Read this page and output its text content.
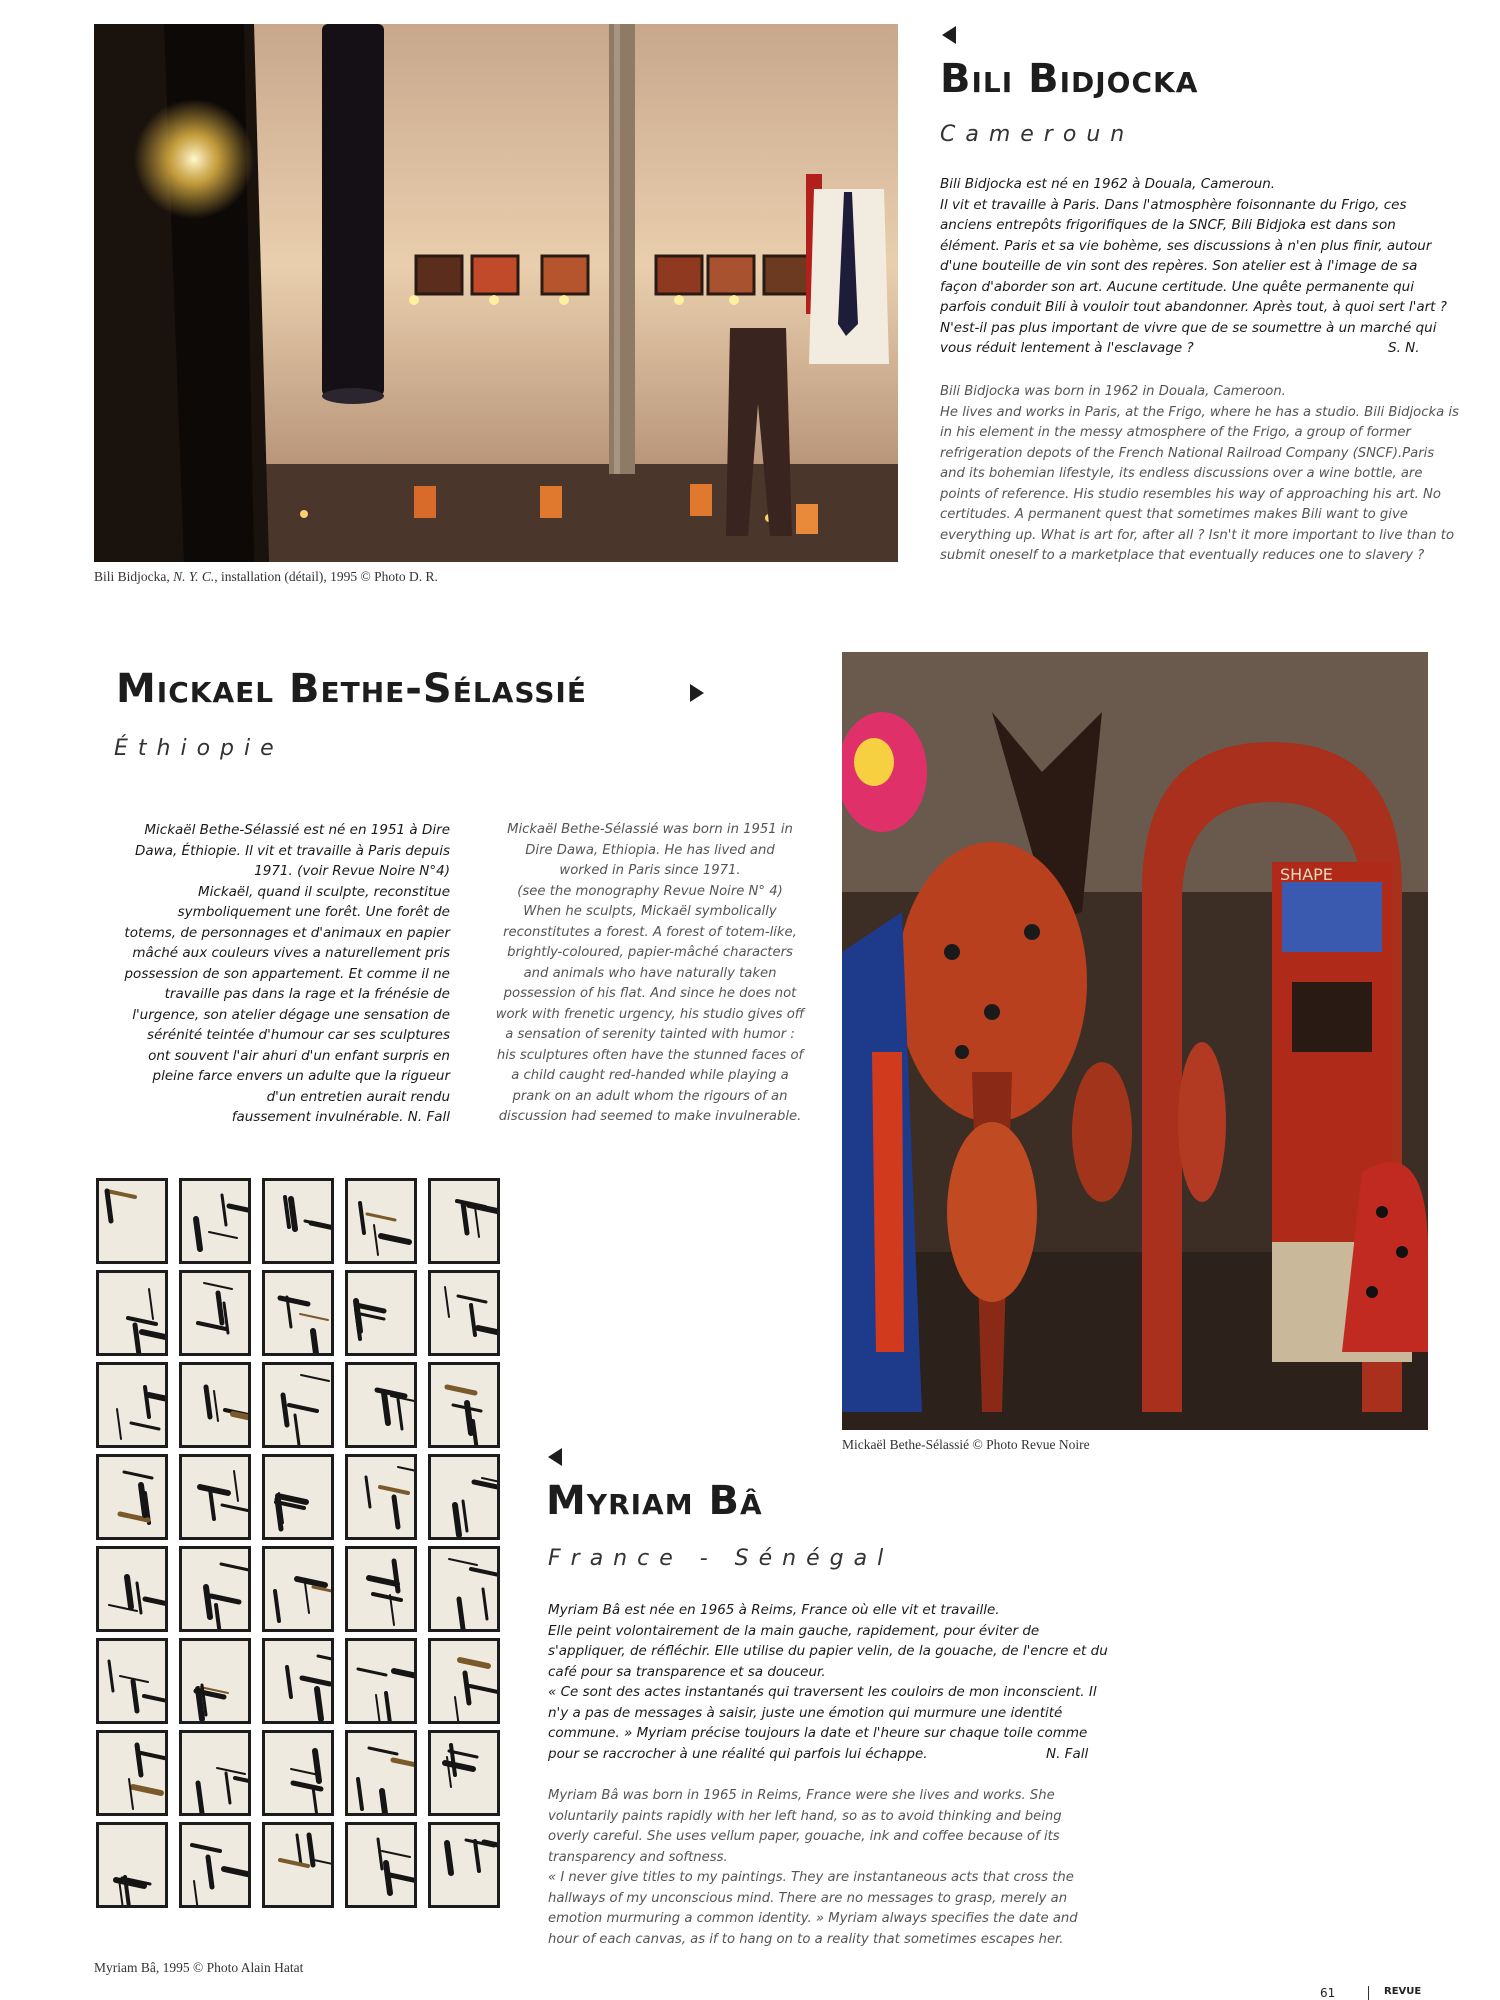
Bili Bidjocka, N. Y. C., installation (détail), 1995 © Photo D. R.
Bili Bidjocka
Cameroun

Bili Bidjocka est né en 1962 à Douala, Cameroun.
Il vit et travaille à Paris. Dans l'atmosphère foisonnante du Frigo, ces anciens entrepôts frigorifiques de la SNCF, Bili Bidjoka est dans son élément. Paris et sa vie bohème, ses discussions à n'en plus finir, autour d'une bouteille de vin sont des repères. Son atelier est à l'image de sa façon d'aborder son art. Aucune certitude. Une quête permanente qui parfois conduit Bili à vouloir tout abandonner. Après tout, à quoi sert l'art ? N'est-il pas plus important de vivre que de se soumettre à un marché qui vous réduit lentement à l'esclavage ?	S. N.

Bili Bidjocka was born in 1962 in Douala, Cameroon.
He lives and works in Paris, at the Frigo, where he has a studio. Bili Bidjocka is in his element in the messy atmosphere of the Frigo, a group of former refrigeration depots of the French National Railroad Company (SNCF).Paris and its bohemian lifestyle, its endless discussions over a wine bottle, are points of reference. His studio resembles his way of approaching his art. No certitudes. A permanent quest that sometimes makes Bili want to give everything up. What is art for, after all ? Isn't it more important to live than to submit oneself to a marketplace that eventually reduces one to slavery ?

Mickael Bethe-Sélassié
Éthiopie

Mickaël Bethe-Sélassié est né en 1951 à Dire
Dawa, Éthiopie. Il vit et travaille à Paris depuis
1971. (voir Revue Noire N°4)
Mickaël, quand il sculpte, reconstitue
symboliquement une forêt. Une forêt de
totems, de personnages et d'animaux en papier
mâché aux couleurs vives a naturellement pris
possession de son appartement. Et comme il ne
travaille pas dans la rage et la frénésie de
l'urgence, son atelier dégage une sensation de
sérénité teintée d'humour car ses sculptures
ont souvent l'air ahuri d'un enfant surpris en
pleine farce envers un adulte que la rigueur
d'un entretien aurait rendu
faussement invulnérable. N. Fall

Mickaël Bethe-Sélassié was born in 1951 in
Dire Dawa, Ethiopia. He has lived and
worked in Paris since 1971.
(see the monography Revue Noire N° 4)
When he sculpts, Mickaël symbolically
reconstitutes a forest. A forest of totem-like,
brightly-coloured, papier-mâché characters
and animals who have naturally taken
possession of his flat. And since he does not
work with frenetic urgency, his studio gives off
a sensation of serenity tainted with humor :
his sculptures often have the stunned faces of
a child caught red-handed while playing a
prank on an adult whom the rigours of an
discussion had seemed to make invulnerable.

SHAPE
Mickaël Bethe-Sélassié © Photo Revue Noire
Myriam Bâ, 1995 © Photo Alain Hatat
Myriam Bâ
France - Sénégal

Myriam Bâ est née en 1965 à Reims, France où elle vit et travaille.
Elle peint volontairement de la main gauche, rapidement, pour éviter de s'appliquer, de réfléchir. Elle utilise du papier velin, de la gouache, de l'encre et du café pour sa transparence et sa douceur.
« Ce sont des actes instantanés qui traversent les couloirs de mon inconscient. Il n'y a pas de messages à saisir, juste une émotion qui murmure une identité commune. » Myriam précise toujours la date et l'heure sur chaque toile comme pour se raccrocher à une réalité qui parfois lui échappe.	N. Fall

Myriam Bâ was born in 1965 in Reims, France were she lives and works. She voluntarily paints rapidly with her left hand, so as to avoid thinking and being overly careful. She uses vellum paper, gouache, ink and coffee because of its transparency and softness.
« I never give titles to my paintings. They are instantaneous acts that cross the hallways of my unconscious mind. There are no messages to grasp, merely an emotion murmuring a common identity. » Myriam always specifies the date and hour of each canvas, as if to hang on to a reality that sometimes escapes her.

61	REVUE
